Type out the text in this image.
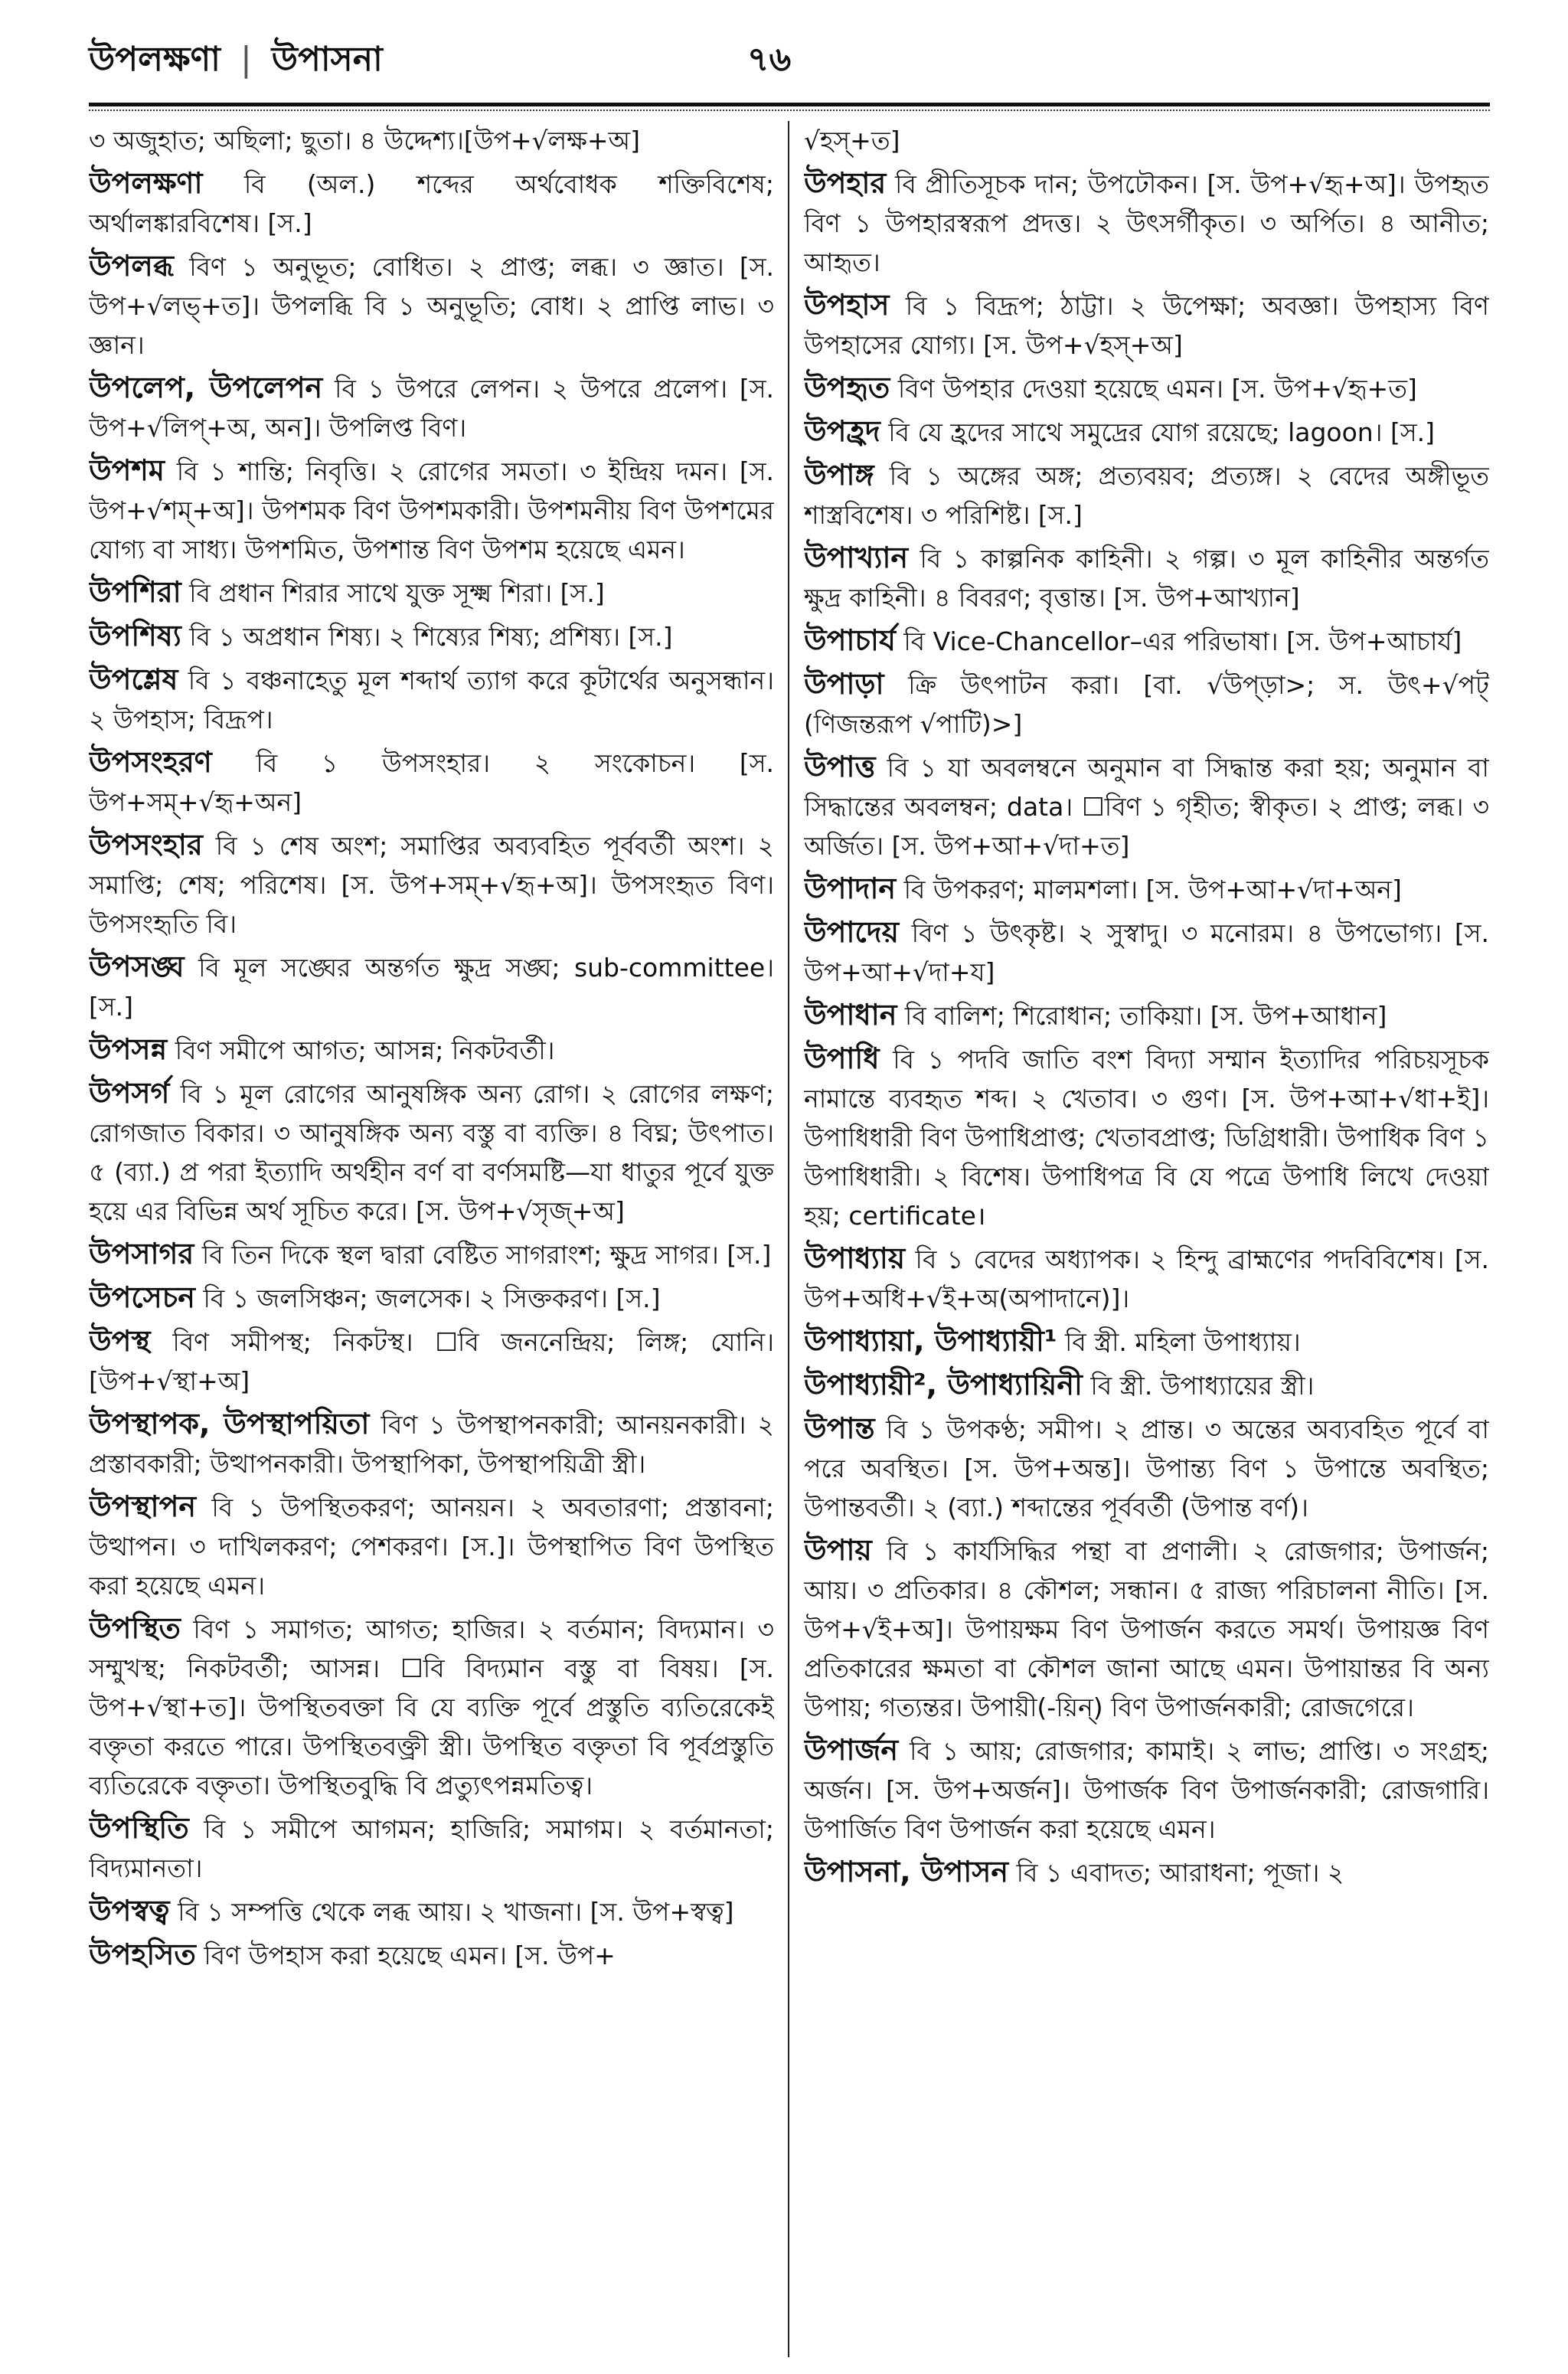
উপলক্ষণা | উপাসনা	৭৬

৩ অজুহাত; অছিলা; ছুতা। ৪ উদ্দেশ্য।[উপ+√লক্ষ+অ]

উপলক্ষণা বি (অল.) শব্দের অর্থবোধক শক্তিবিশেষ; অর্থালঙ্কারবিশেষ। [স.]

উপলব্ধ বিণ ১ অনুভূত; বোধিত। ২ প্রাপ্ত; লব্ধ। ৩ জ্ঞাত। [স. উপ+√লভ্‌+ত]। উপলব্ধি বি ১ অনুভূতি; বোধ। ২ প্রাপ্তি লাভ। ৩ জ্ঞান।

উপলেপ, উপলেপন বি ১ উপরে লেপন। ২ উপরে প্রলেপ। [স. উপ+√লিপ্‌+অ, অন]। উপলিপ্ত বিণ।

উপশম বি ১ শান্তি; নিবৃত্তি। ২ রোগের সমতা। ৩ ইন্দ্রিয় দমন। [স. উপ+√শম্‌+অ]। উপশমক বিণ উপশমকারী। উপশমনীয় বিণ উপশমের যোগ্য বা সাধ্য। উপশমিত, উপশান্ত বিণ উপশম হয়েছে এমন।

উপশিরা বি প্রধান শিরার সাথে যুক্ত সূক্ষ্ম শিরা। [স.]

উপশিষ্য বি ১ অপ্রধান শিষ্য। ২ শিষ্যের শিষ্য; প্রশিষ্য। [স.]

উপশ্লেষ বি ১ বঞ্চনাহেতু মূল শব্দার্থ ত্যাগ করে কূটার্থের অনুসন্ধান। ২ উপহাস; বিদ্রূপ।

উপসংহরণ বি ১ উপসংহার। ২ সংকোচন। [স. উপ+সম্‌+√হৃ+অন]

উপসংহার বি ১ শেষ অংশ; সমাপ্তির অব্যবহিত পূর্ববর্তী অংশ। ২ সমাপ্তি; শেষ; পরিশেষ। [স. উপ+সম্‌+√হৃ+অ]। উপসংহৃত বিণ। উপসংহৃতি বি।

উপসঙ্ঘ বি মূল সঙ্ঘের অন্তর্গত ক্ষুদ্র সঙ্ঘ; sub-committee। [স.]

উপসন্ন বিণ সমীপে আগত; আসন্ন; নিকটবর্তী।

উপসর্গ বি ১ মূল রোগের আনুষঙ্গিক অন্য রোগ। ২ রোগের লক্ষণ; রোগজাত বিকার। ৩ আনুষঙ্গিক অন্য বস্তু বা ব্যক্তি। ৪ বিঘ্ন; উৎপাত। ৫ (ব্যা.) প্র পরা ইত্যাদি অর্থহীন বর্ণ বা বর্ণসমষ্টি—যা ধাতুর পূর্বে যুক্ত হয়ে এর বিভিন্ন অর্থ সূচিত করে। [স. উপ+√সৃজ্‌+অ]

উপসাগর বি তিন দিকে স্থল দ্বারা বেষ্টিত সাগরাংশ; ক্ষুদ্র সাগর। [স.]

উপসেচন বি ১ জলসিঞ্চন; জলসেক। ২ সিক্তকরণ। [স.]

উপস্থ বিণ সমীপস্থ; নিকটস্থ। ☐বি জননেন্দ্রিয়; লিঙ্গ; যোনি। [উপ+√স্থা+অ]

উপস্থাপক, উপস্থাপয়িতা বিণ ১ উপস্থাপনকারী; আনয়নকারী। ২ প্রস্তাবকারী; উত্থাপনকারী। উপস্থাপিকা, উপস্থাপয়িত্রী স্ত্রী।

উপস্থাপন বি ১ উপস্থিতকরণ; আনয়ন। ২ অবতারণা; প্রস্তাবনা; উত্থাপন। ৩ দাখিলকরণ; পেশকরণ। [স.]। উপস্থাপিত বিণ উপস্থিত করা হয়েছে এমন।

উপস্থিত বিণ ১ সমাগত; আগত; হাজির। ২ বর্তমান; বিদ্যমান। ৩ সম্মুখস্থ; নিকটবর্তী; আসন্ন। ☐বি বিদ্যমান বস্তু বা বিষয়। [স. উপ+√স্থা+ত]। উপস্থিতবক্তা বি যে ব্যক্তি পূর্বে প্রস্তুতি ব্যতিরেকেই বক্তৃতা করতে পারে। উপস্থিতবক্ত্রী স্ত্রী। উপস্থিত বক্তৃতা বি পূর্বপ্রস্তুতি ব্যতিরেকে বক্তৃতা। উপস্থিতবুদ্ধি বি প্রত্যুৎপন্নমতিত্ব।

উপস্থিতি বি ১ সমীপে আগমন; হাজিরি; সমাগম। ২ বর্তমানতা; বিদ্যমানতা।

উপস্বত্ব বি ১ সম্পত্তি থেকে লব্ধ আয়। ২ খাজনা। [স. উপ+স্বত্ব]

উপহসিত বিণ উপহাস করা হয়েছে এমন। [স. উপ+

√হস্‌+ত]

উপহার বি প্রীতিসূচক দান; উপঢৌকন। [স. উপ+√হৃ+অ]। উপহৃত বিণ ১ উপহারস্বরূপ প্রদত্ত। ২ উৎসর্গীকৃত। ৩ অর্পিত। ৪ আনীত; আহৃত।

উপহাস বি ১ বিদ্রূপ; ঠাট্টা। ২ উপেক্ষা; অবজ্ঞা। উপহাস্য বিণ উপহাসের যোগ্য। [স. উপ+√হস্‌+অ]

উপহৃত বিণ উপহার দেওয়া হয়েছে এমন। [স. উপ+√হৃ+ত]

উপহ্রদ বি যে হ্রদের সাথে সমুদ্রের যোগ রয়েছে; lagoon। [স.]

উপাঙ্গ বি ১ অঙ্গের অঙ্গ; প্রত্যবয়ব; প্রত্যঙ্গ। ২ বেদের অঙ্গীভূত শাস্ত্রবিশেষ। ৩ পরিশিষ্ট। [স.]

উপাখ্যান বি ১ কাল্পনিক কাহিনী। ২ গল্প। ৩ মূল কাহিনীর অন্তর্গত ক্ষুদ্র কাহিনী। ৪ বিবরণ; বৃত্তান্ত। [স. উপ+আখ্যান]

উপাচার্য বি Vice-Chancellor–এর পরিভাষা। [স. উপ+আচার্য]

উপাড়া ক্রি উৎপাটন করা। [বা. √উপ্‌ড়া>; স. উৎ+√পট্‌ (ণিজন্তরূপ √পাটি)>]

উপাত্ত বি ১ যা অবলম্বনে অনুমান বা সিদ্ধান্ত করা হয়; অনুমান বা সিদ্ধান্তের অবলম্বন; data। ☐বিণ ১ গৃহীত; স্বীকৃত। ২ প্রাপ্ত; লব্ধ। ৩ অর্জিত। [স. উপ+আ+√দা+ত]

উপাদান বি উপকরণ; মালমশলা। [স. উপ+আ+√দা+অন]

উপাদেয় বিণ ১ উৎকৃষ্ট। ২ সুস্বাদু। ৩ মনোরম। ৪ উপভোগ্য। [স. উপ+আ+√দা+য]

উপাধান বি বালিশ; শিরোধান; তাকিয়া। [স. উপ+আধান]

উপাধি বি ১ পদবি জাতি বংশ বিদ্যা সম্মান ইত্যাদির পরিচয়সূচক নামান্তে ব্যবহৃত শব্দ। ২ খেতাব। ৩ গুণ। [স. উপ+আ+√ধা+ই]। উপাধিধারী বিণ উপাধিপ্রাপ্ত; খেতাবপ্রাপ্ত; ডিগ্রিধারী। উপাধিক বিণ ১ উপাধিধারী। ২ বিশেষ। উপাধিপত্র বি যে পত্রে উপাধি লিখে দেওয়া হয়; certificate।

উপাধ্যায় বি ১ বেদের অধ্যাপক। ২ হিন্দু ব্রাহ্মণের পদবিবিশেষ। [স. উপ+অধি+√ই+অ(অপাদানে)]।

উপাধ্যায়া, উপাধ্যায়ী¹ বি স্ত্রী. মহিলা উপাধ্যায়।

উপাধ্যায়ী², উপাধ্যায়িনী বি স্ত্রী. উপাধ্যায়ের স্ত্রী।

উপান্ত বি ১ উপকণ্ঠ; সমীপ। ২ প্রান্ত। ৩ অন্তের অব্যবহিত পূর্বে বা পরে অবস্থিত। [স. উপ+অন্ত]। উপান্ত্য বিণ ১ উপান্তে অবস্থিত; উপান্তবর্তী। ২ (ব্যা.) শব্দান্তের পূর্ববর্তী (উপান্ত বর্ণ)।

উপায় বি ১ কার্যসিদ্ধির পন্থা বা প্রণালী। ২ রোজগার; উপার্জন; আয়। ৩ প্রতিকার। ৪ কৌশল; সন্ধান। ৫ রাজ্য পরিচালনা নীতি। [স. উপ+√ই+অ]। উপায়ক্ষম বিণ উপার্জন করতে সমর্থ। উপায়জ্ঞ বিণ প্রতিকারের ক্ষমতা বা কৌশল জানা আছে এমন। উপায়ান্তর বি অন্য উপায়; গত্যন্তর। উপায়ী(-য়িন্‌) বিণ উপার্জনকারী; রোজগেরে।

উপার্জন বি ১ আয়; রোজগার; কামাই। ২ লাভ; প্রাপ্তি। ৩ সংগ্রহ; অর্জন। [স. উপ+অর্জন]। উপার্জক বিণ উপার্জনকারী; রোজগারি। উপার্জিত বিণ উপার্জন করা হয়েছে এমন।

উপাসনা, উপাসন বি ১ এবাদত; আরাধনা; পূজা। ২
